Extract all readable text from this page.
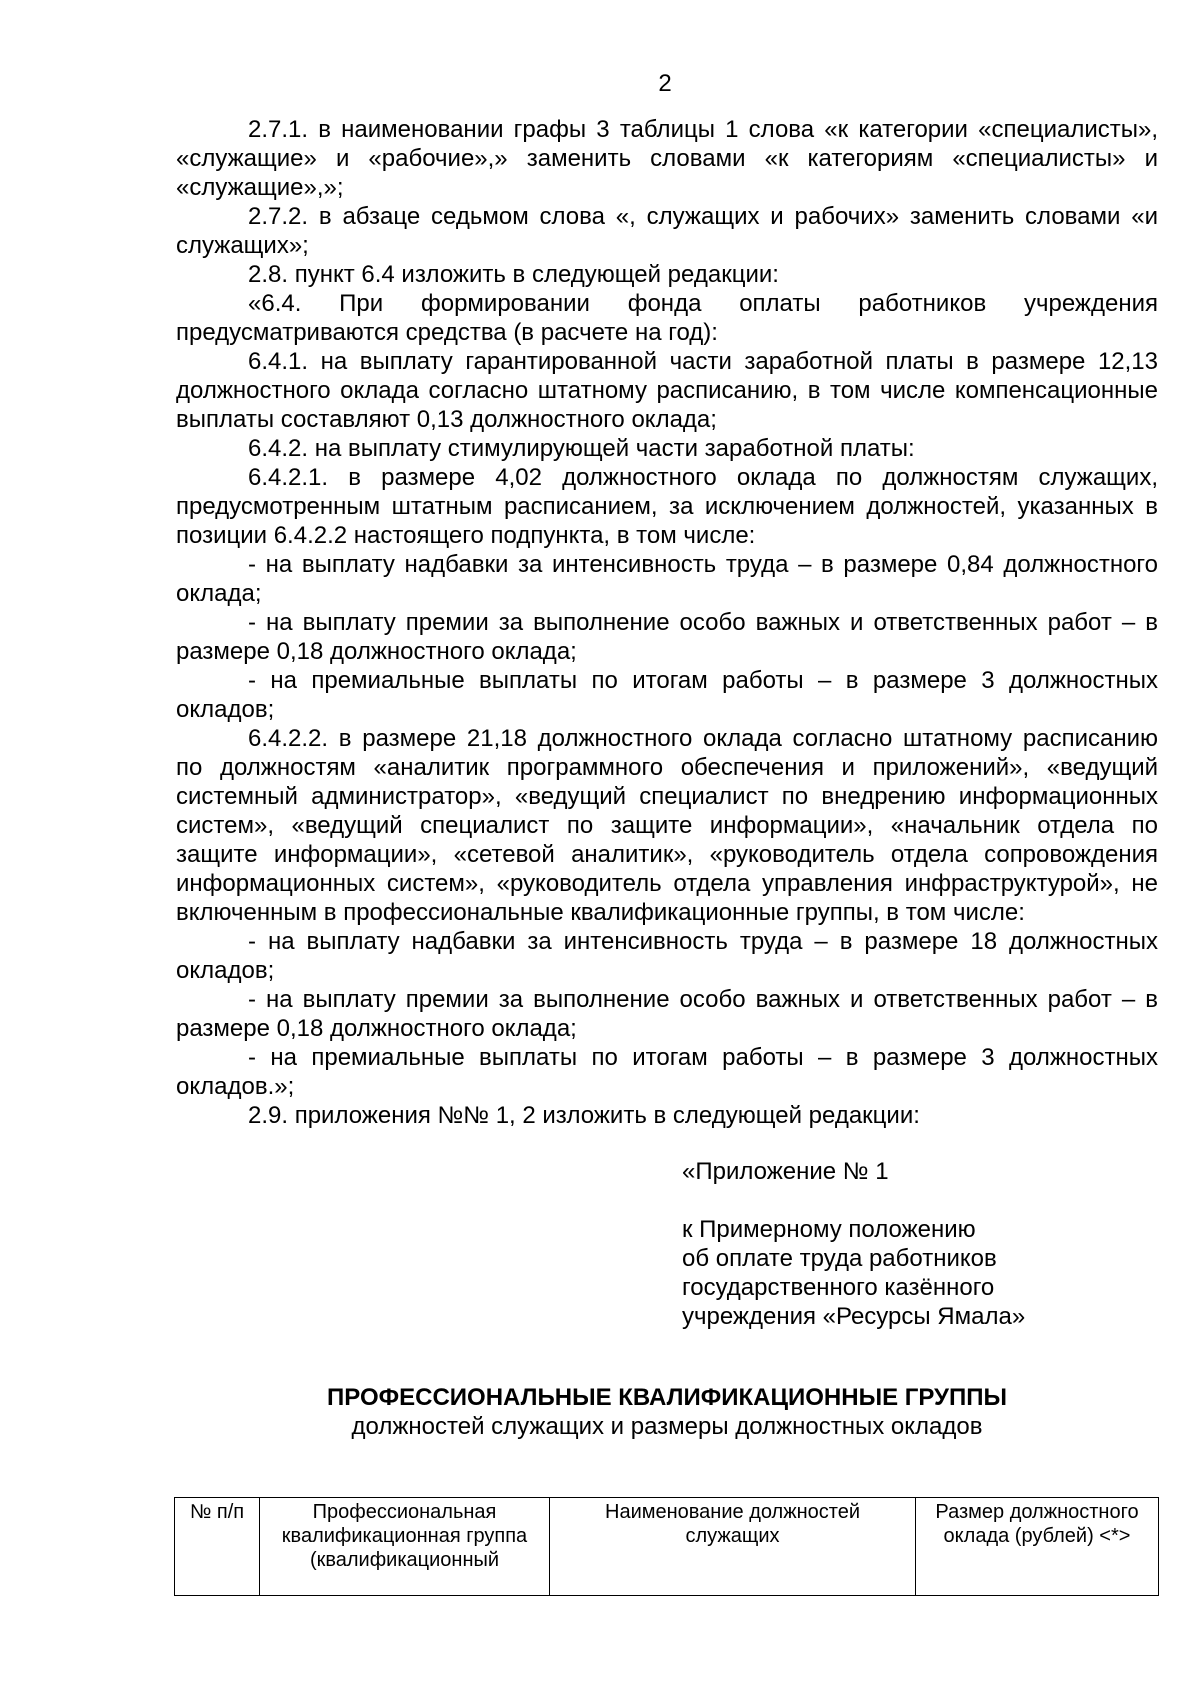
2

2.7.1. в наименовании графы 3 таблицы 1 слова «к категории «специалисты», «служащие» и «рабочие»,» заменить словами «к категориям «специалисты» и «служащие»,»;

2.7.2. в абзаце седьмом слова «, служащих и рабочих» заменить словами «и служащих»;

2.8. пункт 6.4 изложить в следующей редакции:

«6.4. При формировании фонда оплаты работников учреждения предусматриваются средства (в расчете на год):

6.4.1. на выплату гарантированной части заработной платы в размере 12,13 должностного оклада согласно штатному расписанию, в том числе компенсационные выплаты составляют 0,13 должностного оклада;

6.4.2. на выплату стимулирующей части заработной платы:

6.4.2.1. в размере 4,02 должностного оклада по должностям служащих, предусмотренным штатным расписанием, за исключением должностей, указанных в позиции 6.4.2.2 настоящего подпункта, в том числе:

- на выплату надбавки за интенсивность труда – в размере 0,84 должностного оклада;

- на выплату премии за выполнение особо важных и ответственных работ – в размере 0,18 должностного оклада;

- на премиальные выплаты по итогам работы – в размере 3 должностных окладов;

6.4.2.2. в размере 21,18 должностного оклада согласно штатному расписанию по должностям «аналитик программного обеспечения и приложений», «ведущий системный администратор», «ведущий специалист по внедрению информационных систем», «ведущий специалист по защите информации», «начальник отдела по защите информации», «сетевой аналитик», «руководитель отдела сопровождения информационных систем», «руководитель отдела управления инфраструктурой», не включенным в профессиональные квалификационные группы, в том числе:

- на выплату надбавки за интенсивность труда – в размере 18 должностных окладов;

- на выплату премии за выполнение особо важных и ответственных работ – в размере 0,18 должностного оклада;

- на премиальные выплаты по итогам работы – в размере 3 должностных окладов.»;

2.9. приложения №№ 1, 2 изложить в следующей редакции:

«Приложение № 1
к Примерному положению
об оплате труда работников
государственного казённого
учреждения «Ресурсы Ямала»
ПРОФЕССИОНАЛЬНЫЕ КВАЛИФИКАЦИОННЫЕ ГРУППЫ
должностей служащих и размеры должностных окладов
№ п/п	Профессиональная квалификационная группа (квалификационный	Наименование должностей служащих	Размер должностного оклада (рублей) <*>
